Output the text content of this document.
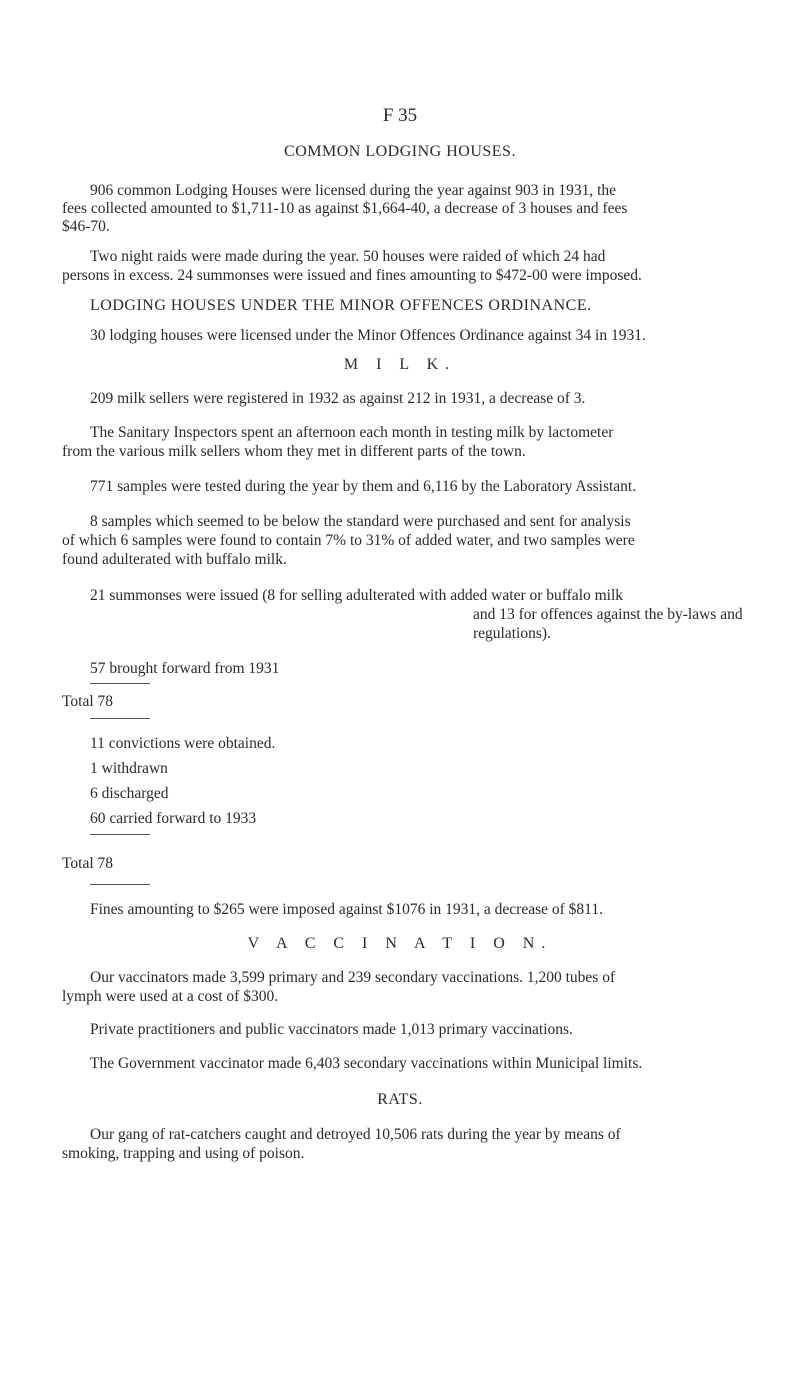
F 35
COMMON LODGING HOUSES.
906 common Lodging Houses were licensed during the year against 903 in 1931, the
fees collected amounted to $1,711-10 as against $1,664-40, a decrease of 3 houses and fees
$46-70.
Two night raids were made during the year. 50 houses were raided of which 24 had
persons in excess. 24 summonses were issued and fines amounting to $472-00 were imposed.
LODGING HOUSES UNDER THE MINOR OFFENCES ORDINANCE.
30 lodging houses were licensed under the Minor Offences Ordinance against 34 in 1931.
M I L K.
209 milk sellers were registered in 1932 as against 212 in 1931, a decrease of 3.
The Sanitary Inspectors spent an afternoon each month in testing milk by lactometer
from the various milk sellers whom they met in different parts of the town.
771 samples were tested during the year by them and 6,116 by the Laboratory Assistant.
8 samples which seemed to be below the standard were purchased and sent for analysis
of which 6 samples were found to contain 7% to 31% of added water, and two samples were
found adulterated with buffalo milk.
21 summonses were issued (8 for selling adulterated with added water or buffalo milk
and 13 for offences against the by-laws and
regulations).
57 brought forward from 1931
Total 78
11 convictions were obtained.
1 withdrawn
6 discharged
60 carried forward to 1933
Total 78
Fines amounting to $265 were imposed against $1076 in 1931, a decrease of $811.
V A C C I N A T I O N.
Our vaccinators made 3,599 primary and 239 secondary vaccinations. 1,200 tubes of
lymph were used at a cost of $300.
Private practitioners and public vaccinators made 1,013 primary vaccinations.
The Government vaccinator made 6,403 secondary vaccinations within Municipal limits.
RATS.
Our gang of rat-catchers caught and detroyed 10,506 rats during the year by means of
smoking, trapping and using of poison.
